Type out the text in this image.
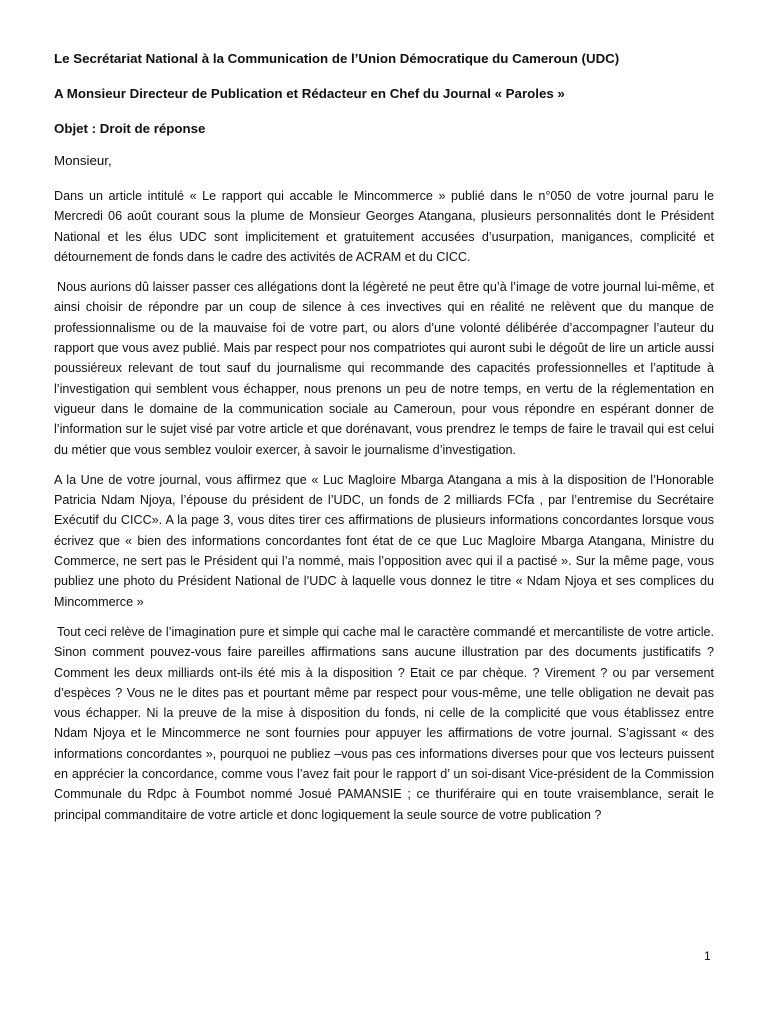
Le Secrétariat National à la Communication de l’Union Démocratique du Cameroun (UDC)
A Monsieur Directeur de Publication et Rédacteur en Chef du Journal « Paroles »
Objet : Droit de réponse
Monsieur,

Dans un article intitulé « Le rapport qui accable le Mincommerce » publié dans le n°050 de votre journal paru le Mercredi 06 août courant sous la plume de Monsieur Georges Atangana, plusieurs personnalités dont le Président National et les élus UDC sont implicitement et gratuitement accusées d’usurpation, manigances, complicité et détournement de fonds dans le cadre des activités de ACRAM et du CICC.

Nous aurions dû laisser passer ces allégations dont la légèreté ne peut être qu’à l’image de votre journal lui-même, et ainsi choisir de répondre par un coup de silence à ces invectives qui en réalité ne relèvent que du manque de professionnalisme ou de la mauvaise foi de votre part, ou alors d’une volonté délibérée d’accompagner l’auteur du rapport que vous avez publié. Mais par respect pour nos compatriotes qui auront subi le dégoût de lire un article aussi poussiéreux relevant de tout sauf du journalisme qui recommande des capacités professionnelles et l’aptitude à l’investigation qui semblent vous échapper, nous prenons un peu de notre temps, en vertu de la réglementation en vigueur dans le domaine de la communication sociale au Cameroun, pour vous répondre en espérant donner de l’information sur le sujet visé par votre article et que dorénavant, vous prendrez le temps de faire le travail qui est celui du métier que vous semblez vouloir exercer, à savoir le journalisme d’investigation.

A la Une de votre journal, vous affirmez que « Luc Magloire Mbarga Atangana a mis à la disposition de l’Honorable Patricia Ndam Njoya, l’épouse du président de l’UDC, un fonds de 2 milliards FCfa , par l’entremise du Secrétaire Exécutif du CICC». A la page 3, vous dites tirer ces affirmations de plusieurs informations concordantes lorsque vous écrivez que « bien des informations concordantes font état de ce que Luc Magloire Mbarga Atangana, Ministre du Commerce, ne sert pas le Président qui l’a nommé, mais l’opposition avec qui il a pactisé ». Sur la même page, vous publiez une photo du Président National de l’UDC à laquelle vous donnez le titre « Ndam Njoya et ses complices du Mincommerce »

Tout ceci relève de l’imagination pure et simple qui cache mal le caractère commandé et mercantiliste de votre article. Sinon comment pouvez-vous faire pareilles affirmations sans aucune illustration par des documents justificatifs ? Comment les deux milliards ont-ils été mis à la disposition ? Etait ce par chèque. ? Virement ? ou par versement d’espèces ? Vous ne le dites pas et pourtant même par respect pour vous-même, une telle obligation ne devait pas vous échapper. Ni la preuve de la mise à disposition du fonds, ni celle de la complicité que vous établissez entre Ndam Njoya et le Mincommerce ne sont fournies pour appuyer les affirmations de votre journal. S’agissant « des informations concordantes », pourquoi ne publiez –vous pas ces informations diverses pour que vos lecteurs puissent en apprécier la concordance, comme vous l’avez fait pour le rapport d’ un soi-disant Vice-président de la Commission Communale du Rdpc à Foumbot nommé Josué PAMANSIE ; ce thuriféraire qui en toute vraisemblance, serait le principal commanditaire de votre article et donc logiquement la seule source de votre publication ?

1
